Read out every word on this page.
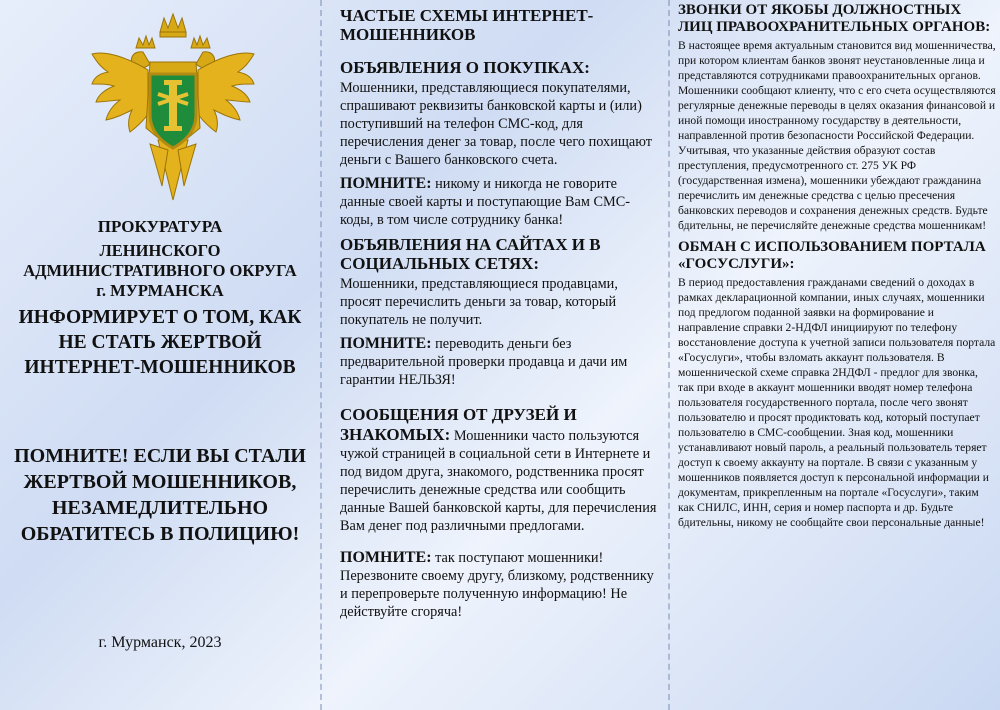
ПРОКУРАТУРА

ЛЕНИНСКОГО

АДМИНИСТРАТИВНОГО ОКРУГА

г. МУРМАНСКА

ИНФОРМИРУЕТ О ТОМ, КАК

НЕ СТАТЬ ЖЕРТВОЙ

ИНТЕРНЕТ-МОШЕННИКОВ

ПОМНИТЕ! ЕСЛИ ВЫ СТАЛИ

ЖЕРТВОЙ МОШЕННИКОВ,

НЕЗАМЕДЛИТЕЛЬНО

ОБРАТИТЕСЬ В ПОЛИЦИЮ!

г. Мурманск, 2023

ЧАСТЫЕ СХЕМЫ ИНТЕРНЕТ-МОШЕННИКОВ
ОБЪЯВЛЕНИЯ О ПОКУПКАХ:

Мошенники, представляющиеся покупателями, спрашивают реквизиты банковской карты и (или) поступивший на телефон СМС-код, для перечисления денег за товар, после чего похищают деньги с Вашего банковского счета.

ПОМНИТЕ: никому и никогда не говорите данные своей карты и поступающие Вам СМС-коды, в том числе сотруднику банка!

ОБЪЯВЛЕНИЯ НА САЙТАХ И В СОЦИАЛЬНЫХ СЕТЯХ:

Мошенники, представляющиеся продавцами, просят перечислить деньги за товар, который покупатель не получит.

ПОМНИТЕ: переводить деньги без предварительной проверки продавца и дачи им гарантии НЕЛЬЗЯ!

СООБЩЕНИЯ ОТ ДРУЗЕЙ И ЗНАКОМЫХ: Мошенники часто пользуются чужой страницей в социальной сети в Интернете и под видом друга, знакомого, родственника просят перечислить денежные средства или сообщить данные Вашей банковской карты, для перечисления Вам денег под различными предлогами.

ПОМНИТЕ: так поступают мошенники! Перезвоните своему другу, близкому, родственнику и перепроверьте полученную информацию! Не действуйте сгоряча!

ЗВОНКИ ОТ ЯКОБЫ ДОЛЖНОСТНЫХ ЛИЦ ПРАВООХРАНИТЕЛЬНЫХ ОРГАНОВ:

В настоящее время актуальным становится вид мошенничества, при котором клиентам банков звонят неустановленные лица и представляются сотрудниками правоохранительных органов. Мошенники сообщают клиенту, что с его счета осуществляются регулярные денежные переводы в целях оказания финансовой и иной помощи иностранному государству в деятельности, направленной против безопасности Российской Федерации. Учитывая, что указанные действия образуют состав преступления, предусмотренного ст. 275 УК РФ (государственная измена), мошенники убеждают гражданина перечислить им денежные средства с целью пресечения банковских переводов и сохранения денежных средств. Будьте бдительны, не перечисляйте денежные средства мошенникам!

ОБМАН С ИСПОЛЬЗОВАНИЕМ ПОРТАЛА «ГОСУСЛУГИ»:

В период предоставления гражданами сведений о доходах в рамках декларационной компании, иных случаях, мошенники под предлогом поданной заявки на формирование и направление справки 2-НДФЛ инициируют по телефону восстановление доступа к учетной записи пользователя портала «Госуслуги», чтобы взломать аккаунт пользователя. В мошеннической схеме справка 2НДФЛ - предлог для звонка, так при входе в аккаунт мошенники вводят номер телефона пользователя государственного портала, после чего звонят пользователю и просят продиктовать код, который поступает пользователю в СМС-сообщении. Зная код, мошенники устанавливают новый пароль, а реальный пользователь теряет доступ к своему аккаунту на портале. В связи с указанным у мошенников появляется доступ к персональной информации и документам, прикрепленным на портале «Госуслуги», таким как СНИЛС, ИНН, серия и номер паспорта и др. Будьте бдительны, никому не сообщайте свои персональные данные!
